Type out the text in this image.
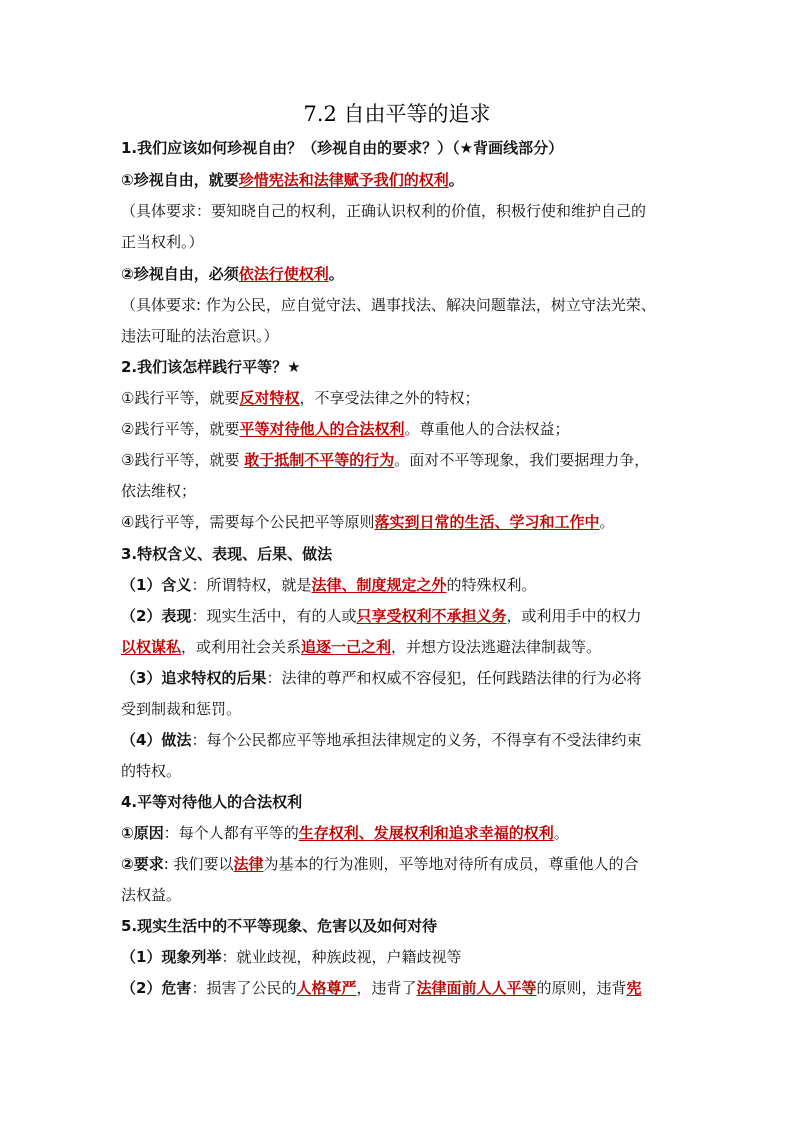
7.2 自由平等的追求
1.我们应该如何珍视自由？（珍视自由的要求？）（★背画线部分）
①珍视自由，就要珍惜宪法和法律赋予我们的权利。
（具体要求：要知晓自己的权利，正确认识权利的价值，积极行使和维护自己的
正当权利。）
②珍视自由，必须依法行使权利。
（具体要求: 作为公民，应自觉守法、遇事找法、解决问题靠法，树立守法光荣、
违法可耻的法治意识。）
2.我们该怎样践行平等？★
①践行平等，就要反对特权，不享受法律之外的特权；
②践行平等，就要平等对待他人的合法权利。尊重他人的合法权益；
③践行平等，就要 敢于抵制不平等的行为。面对不平等现象，我们要据理力争，
依法维权；
④践行平等，需要每个公民把平等原则落实到日常的生活、学习和工作中。
3.特权含义、表现、后果、做法
（1）含义：所谓特权，就是法律、制度规定之外的特殊权利。
（2）表现：现实生活中，有的人或只享受权利不承担义务，或利用手中的权力
以权谋私，或利用社会关系追逐一己之利，并想方设法逃避法律制裁等。
（3）追求特权的后果：法律的尊严和权威不容侵犯，任何践踏法律的行为必将
受到制裁和惩罚。
（4）做法：每个公民都应平等地承担法律规定的义务，不得享有不受法律约束
的特权。
4.平等对待他人的合法权利
①原因：每个人都有平等的生存权利、发展权利和追求幸福的权利。
②要求: 我们要以法律为基本的行为准则，平等地对待所有成员，尊重他人的合
法权益。
5.现实生活中的不平等现象、危害以及如何对待
（1）现象列举：就业歧视，种族歧视，户籍歧视等
（2）危害：损害了公民的人格尊严，违背了法律面前人人平等的原则，违背宪
